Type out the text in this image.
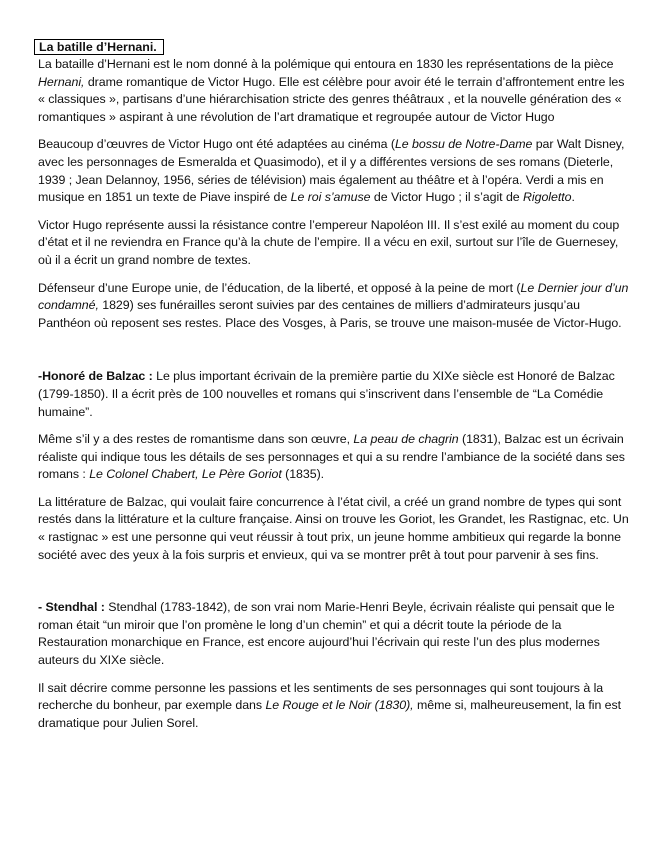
La batille d’Hernani.

La bataille d’Hernani est le nom donné à la polémique qui entoura en 1830 les représentations de la pièce Hernani, drame romantique de Victor Hugo. Elle est célèbre pour avoir été le terrain d’affrontement entre les « classiques », partisans d’une hiérarchisation stricte des genres théâtraux , et la nouvelle génération des « romantiques » aspirant à une révolution de l’art dramatique et regroupée autour de Victor Hugo

Beaucoup d’œuvres de Victor Hugo ont été adaptées au cinéma (Le bossu de Notre-Dame par Walt Disney, avec les personnages de Esmeralda et Quasimodo), et il y a différentes versions de ses romans (Dieterle, 1939 ; Jean Delannoy, 1956, séries de télévision) mais également au théâtre et à l’opéra. Verdi a mis en musique en 1851 un texte de Piave inspiré de Le roi s’amuse de Victor Hugo ; il s’agit de Rigoletto.

Victor Hugo représente aussi la résistance contre l’empereur Napoléon III. Il s’est exilé au moment du coup d’état et il ne reviendra en France qu’à la chute de l’empire. Il a vécu en exil, surtout sur l’île de Guernesey, où il a écrit un grand nombre de textes.

Défenseur d’une Europe unie, de l’éducation, de la liberté, et opposé à la peine de mort (Le Dernier jour d’un condamné, 1829) ses funérailles seront suivies par des centaines de milliers d’admirateurs jusqu’au Panthéon où reposent ses restes. Place des Vosges, à Paris, se trouve une maison-musée de Victor-Hugo.

-Honoré de Balzac : Le plus important écrivain de la première partie du XIXe siècle est Honoré de Balzac (1799-1850). Il a écrit près de 100 nouvelles et romans qui s’inscrivent dans l’ensemble de “La Comédie humaine”.

Même s’il y a des restes de romantisme dans son œuvre, La peau de chagrin (1831), Balzac est un écrivain réaliste qui indique tous les détails de ses personnages et qui a su rendre l’ambiance de la société dans ses romans : Le Colonel Chabert, Le Père Goriot (1835).

La littérature de Balzac, qui voulait faire concurrence à l’état civil, a créé un grand nombre de types qui sont restés dans la littérature et la culture française. Ainsi on trouve les Goriot, les Grandet, les Rastignac, etc. Un « rastignac » est une personne qui veut réussir à tout prix, un jeune homme ambitieux qui regarde la bonne société avec des yeux à la fois surpris et envieux, qui va se montrer prêt à tout pour parvenir à ses fins.

- Stendhal : Stendhal (1783-1842), de son vrai nom Marie-Henri Beyle, écrivain réaliste qui pensait que le roman était “un miroir que l’on promène le long d’un chemin” et qui a décrit toute la période de la Restauration monarchique en France, est encore aujourd’hui l’écrivain qui reste l’un des plus modernes auteurs du XIXe siècle.

Il sait décrire comme personne les passions et les sentiments de ses personnages qui sont toujours à la recherche du bonheur, par exemple dans Le Rouge et le Noir (1830), même si, malheureusement, la fin est dramatique pour Julien Sorel.
